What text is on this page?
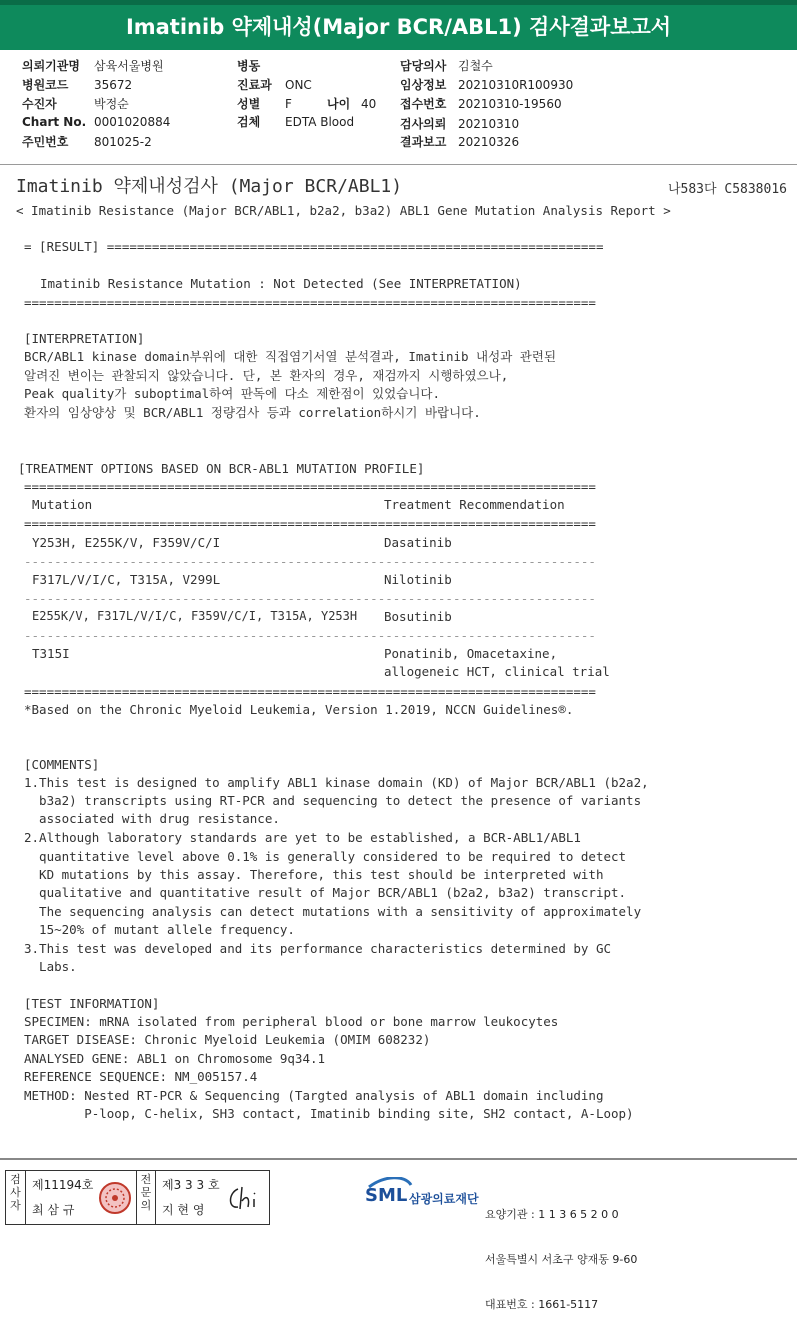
Imatinib 약제내성(Major BCR/ABL1) 검사결과보고서
의뢰기관명 삼육서울병원
병원코드 35672
수진자	박정순
Chart No. 0001020884
주민번호 801025-2
병동
진료과 ONC
성별 F	나이 40
검체 EDTA Blood
담당의사 김철수
임상정보 20210310R100930
접수번호 20210310-19560
검사의뢰 20210310
결과보고 20210326
Imatinib 약제내성검사 (Major BCR/ABL1)	나583다 C5838016
< Imatinib Resistance (Major BCR/ABL1, b2a2, b3a2) ABL1 Gene Mutation Analysis Report >
= [RESULT] ==================================================================
Imatinib Resistance Mutation : Not Detected (See INTERPRETATION)
============================================================================
[INTERPRETATION]
BCR/ABL1 kinase domain부위에 대한 직접염기서열 분석결과, Imatinib 내성과 관련된
알려진 변이는 관찰되지 않았습니다. 단, 본 환자의 경우, 재검까지 시행하였으나,
Peak quality가 suboptimal하여 판독에 다소 제한점이 있었습니다.
환자의 임상양상 및 BCR/ABL1 정량검사 등과 correlation하시기 바랍니다.
[TREATMENT OPTIONS BASED ON BCR-ABL1 MUTATION PROFILE]
============================================================================
Mutation	Treatment Recommendation
============================================================================
Y253H, E255K/V, F359V/C/I	Dasatinib
----------------------------------------------------------------------------
F317L/V/I/C, T315A, V299L	Nilotinib
----------------------------------------------------------------------------
E255K/V, F317L/V/I/C, F359V/C/I, T315A, Y253H Bosutinib
----------------------------------------------------------------------------
T315I	Ponatinib, Omacetaxine,
allogeneic HCT, clinical trial
============================================================================
*Based on the Chronic Myeloid Leukemia, Version 1.2019, NCCN Guidelines®.
[COMMENTS]
1.This test is designed to amplify ABL1 kinase domain (KD) of Major BCR/ABL1 (b2a2,
b3a2) transcripts using RT-PCR and sequencing to detect the presence of variants
associated with drug resistance.
2.Although laboratory standards are yet to be established, a BCR-ABL1/ABL1
quantitative level above 0.1% is generally considered to be required to detect
KD mutations by this assay. Therefore, this test should be interpreted with
qualitative and quantitative result of Major BCR/ABL1 (b2a2, b3a2) transcript.
The sequencing analysis can detect mutations with a sensitivity of approximately
15~20% of mutant allele frequency.
3.This test was developed and its performance characteristics determined by GC
Labs.
[TEST INFORMATION]
SPECIMEN: mRNA isolated from peripheral blood or bone marrow leukocytes
TARGET DISEASE: Chronic Myeloid Leukemia (OMIM 608232)
ANALYSED GENE: ABL1 on Chromosome 9q34.1
REFERENCE SEQUENCE: NM_005157.4
METHOD: Nested RT-PCR & Sequencing (Targted analysis of ABL1 domain including
P-loop, C-helix, SH3 contact, Imatinib binding site, SH2 contact, A-Loop)
검사자
제11194호
최 삼 규
전문의
제3 3 3 호
지 현 영
SML 삼광의료재단

요양기관 : 1 1 3 6 5 2 0 0

서울특별시 서초구 양재동 9-60

대표번호 : 1661-5117
